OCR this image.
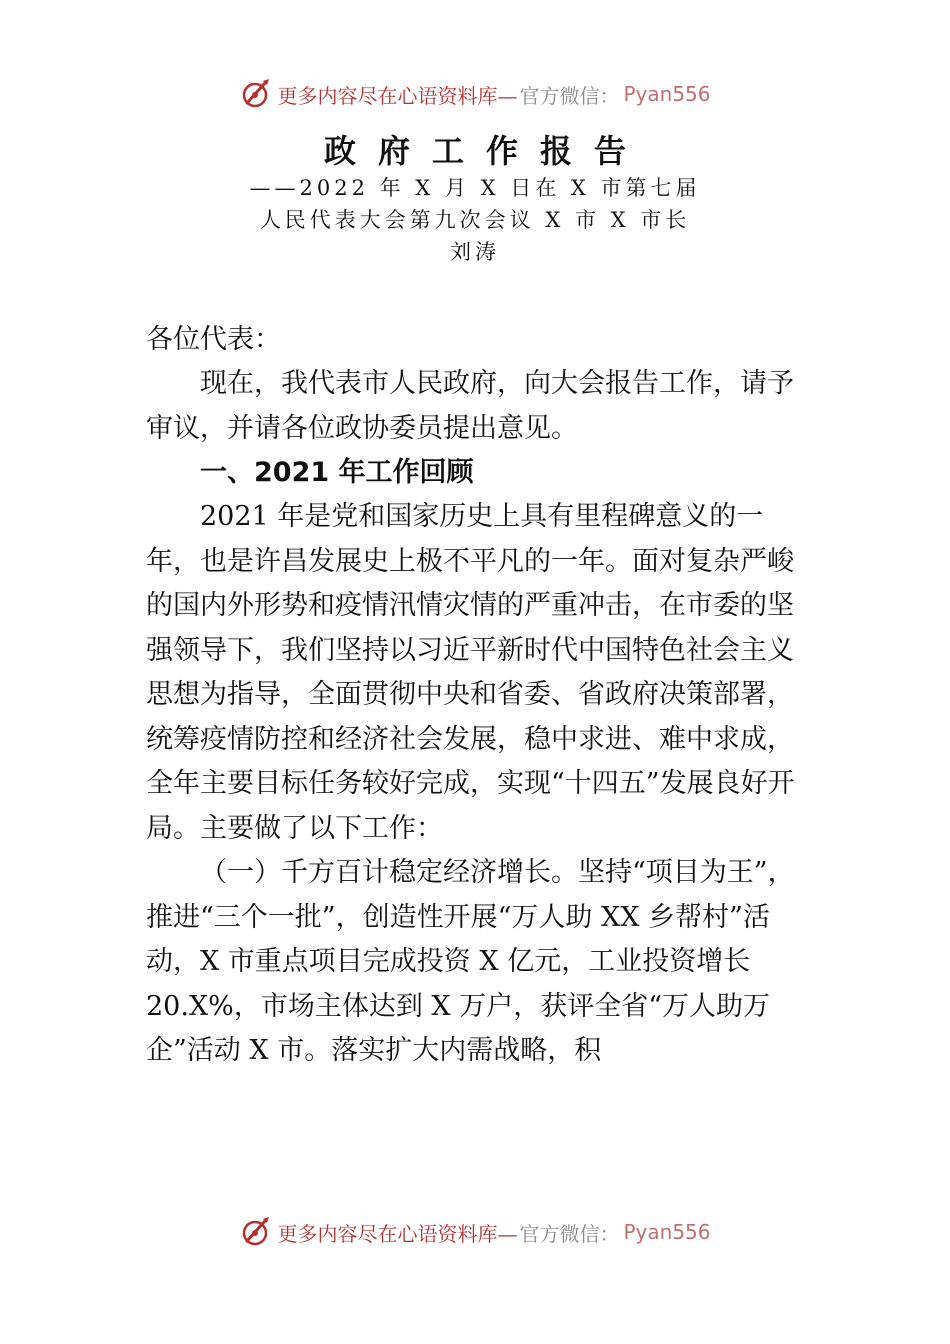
更多内容尽在心语资料库— 官方微信： Pyan556
政府工作报告
——2022 年 X 月 X 日在 X 市第七届
人民代表大会第九次会议 X 市 X 市长
刘涛
各位代表：
现在，我代表市人民政府，向大会报告工作，请予审议，并请各位政协委员提出意见。
一、2021 年工作回顾
2021 年是党和国家历史上具有里程碑意义的一年，也是许昌发展史上极不平凡的一年。面对复杂严峻的国内外形势和疫情汛情灾情的严重冲击，在市委的坚强领导下，我们坚持以习近平新时代中国特色社会主义思想为指导，全面贯彻中央和省委、省政府决策部署，统筹疫情防控和经济社会发展，稳中求进、难中求成，全年主要目标任务较好完成，实现“十四五”发展良好开局。主要做了以下工作：
（一）千方百计稳定经济增长。坚持“项目为王”，推进“三个一批”，创造性开展“万人助 XX 乡帮村”活动，X 市重点项目完成投资 X 亿元，工业投资增长 20.X%，市场主体达到 X 万户，获评全省“万人助万企”活动 X 市。落实扩大内需战略，积
更多内容尽在心语资料库— 官方微信： Pyan556
